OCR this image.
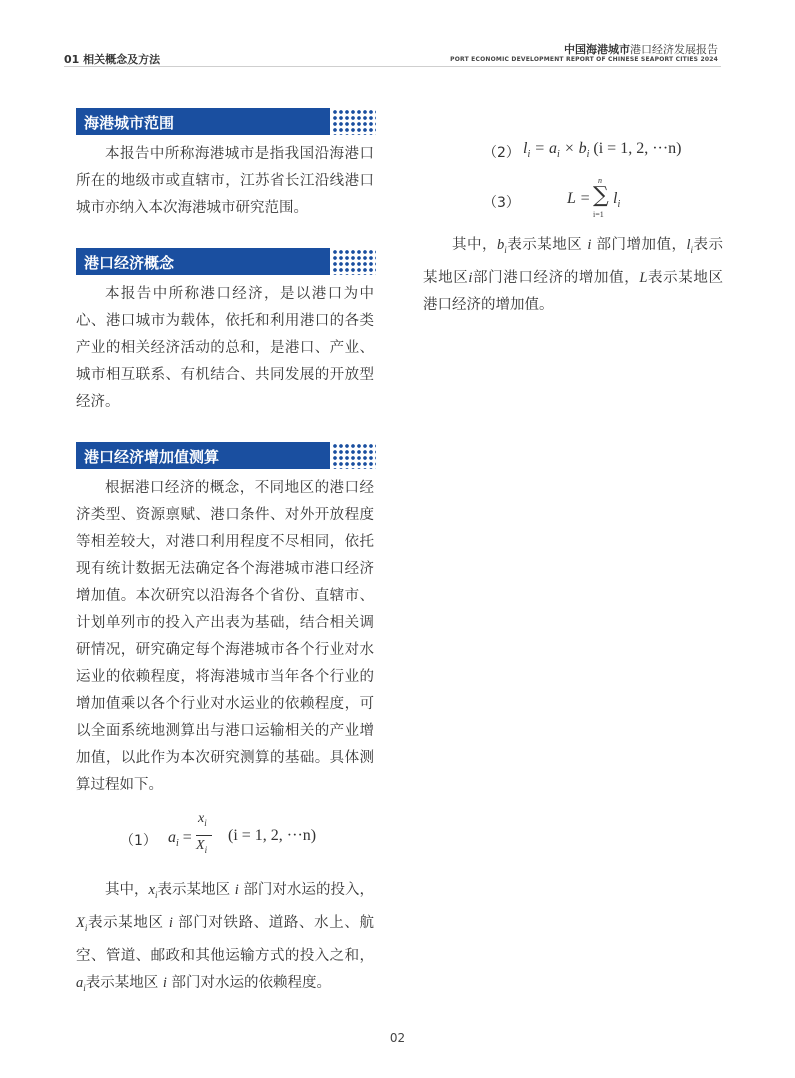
01 相关概念及方法
中国海港城市港口经济发展报告
PORT ECONOMIC DEVELOPMENT REPORT OF CHINESE SEAPORT CITIES 2024
海港城市范围

本报告中所称海港城市是指我国沿海港口所在的地级市或直辖市，江苏省长江沿线港口城市亦纳入本次海港城市研究范围。

港口经济概念

本报告中所称港口经济，是以港口为中心、港口城市为载体，依托和利用港口的各类产业的相关经济活动的总和，是港口、产业、城市相互联系、有机结合、共同发展的开放型经济。

港口经济增加值测算

根据港口经济的概念，不同地区的港口经济类型、资源禀赋、港口条件、对外开放程度等相差较大，对港口利用程度不尽相同，依托现有统计数据无法确定各个海港城市港口经济增加值。本次研究以沿海各个省份、直辖市、计划单列市的投入产出表为基础，结合相关调研情况，研究确定每个海港城市各个行业对水运业的依赖程度，将海港城市当年各个行业的增加值乘以各个行业对水运业的依赖程度，可以全面系统地测算出与港口运输相关的产业增加值，以此作为本次研究测算的基础。具体测算过程如下。

（1） $a_i$ =
$x_i$
$X_i$
(i = 1, 2, ···n)

其中，$x_i$表示某地区 i 部门对水运的投入，$X_i$表示某地区 i 部门对铁路、道路、水上、航空、管道、邮政和其他运输方式的投入之和，$a_i$表示某地区 i 部门对水运的依赖程度。

（2） $l_i = a_i \times b_i$ (i = 1, 2, ···n)
（3）	L =
n
∑
i=1
$l_i$

其中，$b_i$表示某地区 i 部门增加值，$l_i$表示某地区i部门港口经济的增加值，L表示某地区港口经济的增加值。

02
